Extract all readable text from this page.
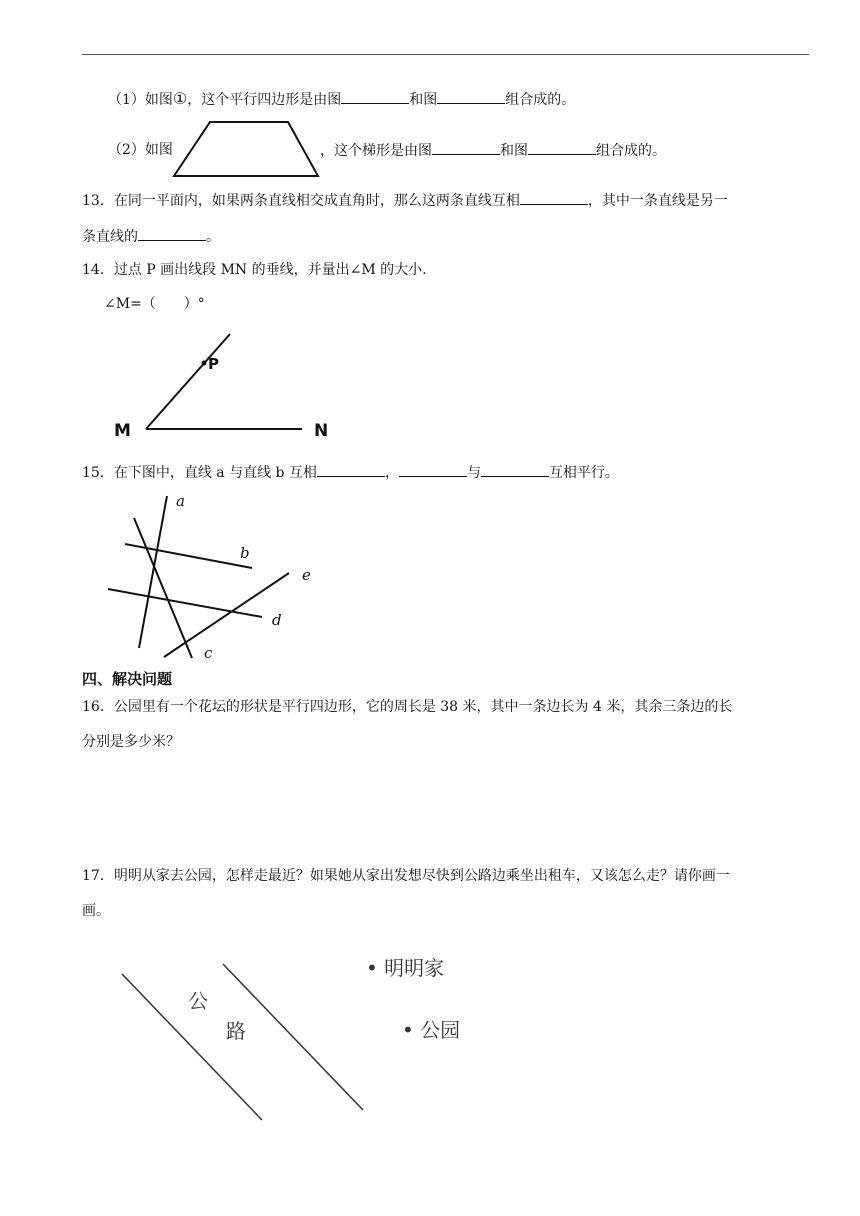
（1）如图①，这个平行四边形是由图	和图	组合成的。
（2）如图	，这个梯形是由图	和图	组合成的。
13．在同一平面内，如果两条直线相交成直角时，那么这两条直线互相	，其中一条直线是另一
条直线的	。
14．过点 P 画出线段 MN 的垂线，并量出∠M 的大小.
∠M=（　　）°
P
M	N
15．在下图中，直线 a 与直线 b 互相	，	与	互相平行。
a
b
e
d
c
四、解决问题
16．公园里有一个花坛的形状是平行四边形，它的周长是 38 米，其中一条边长为 4 米，其余三条边的长
分别是多少米？
17．明明从家去公园，怎样走最近？如果她从家出发想尽快到公路边乘坐出租车，又该怎么走？请你画一
画。
公
路
• 明明家
• 公园
